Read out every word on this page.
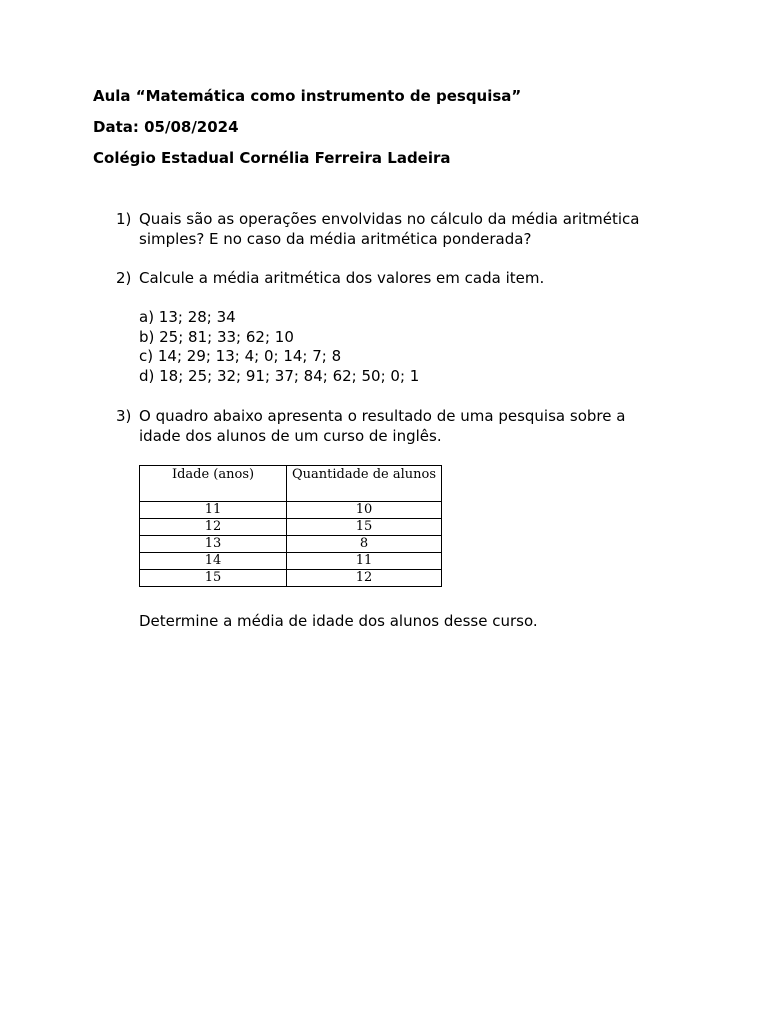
Aula “Matemática como instrumento de pesquisa”
Data: 05/08/2024
Colégio Estadual Cornélia Ferreira Ladeira
1) Quais são as operações envolvidas no cálculo da média aritmética
simples? E no caso da média aritmética ponderada?
2) Calcule a média aritmética dos valores em cada item.
a) 13; 28; 34
b) 25; 81; 33; 62; 10
c) 14; 29; 13; 4; 0; 14; 7; 8
d) 18; 25; 32; 91; 37; 84; 62; 50; 0; 1
3) O quadro abaixo apresenta o resultado de uma pesquisa sobre a
idade dos alunos de um curso de inglês.
Idade (anos)	Quantidade de alunos
11	10
12	15
13	8
14	11
15	12
Determine a média de idade dos alunos desse curso.
